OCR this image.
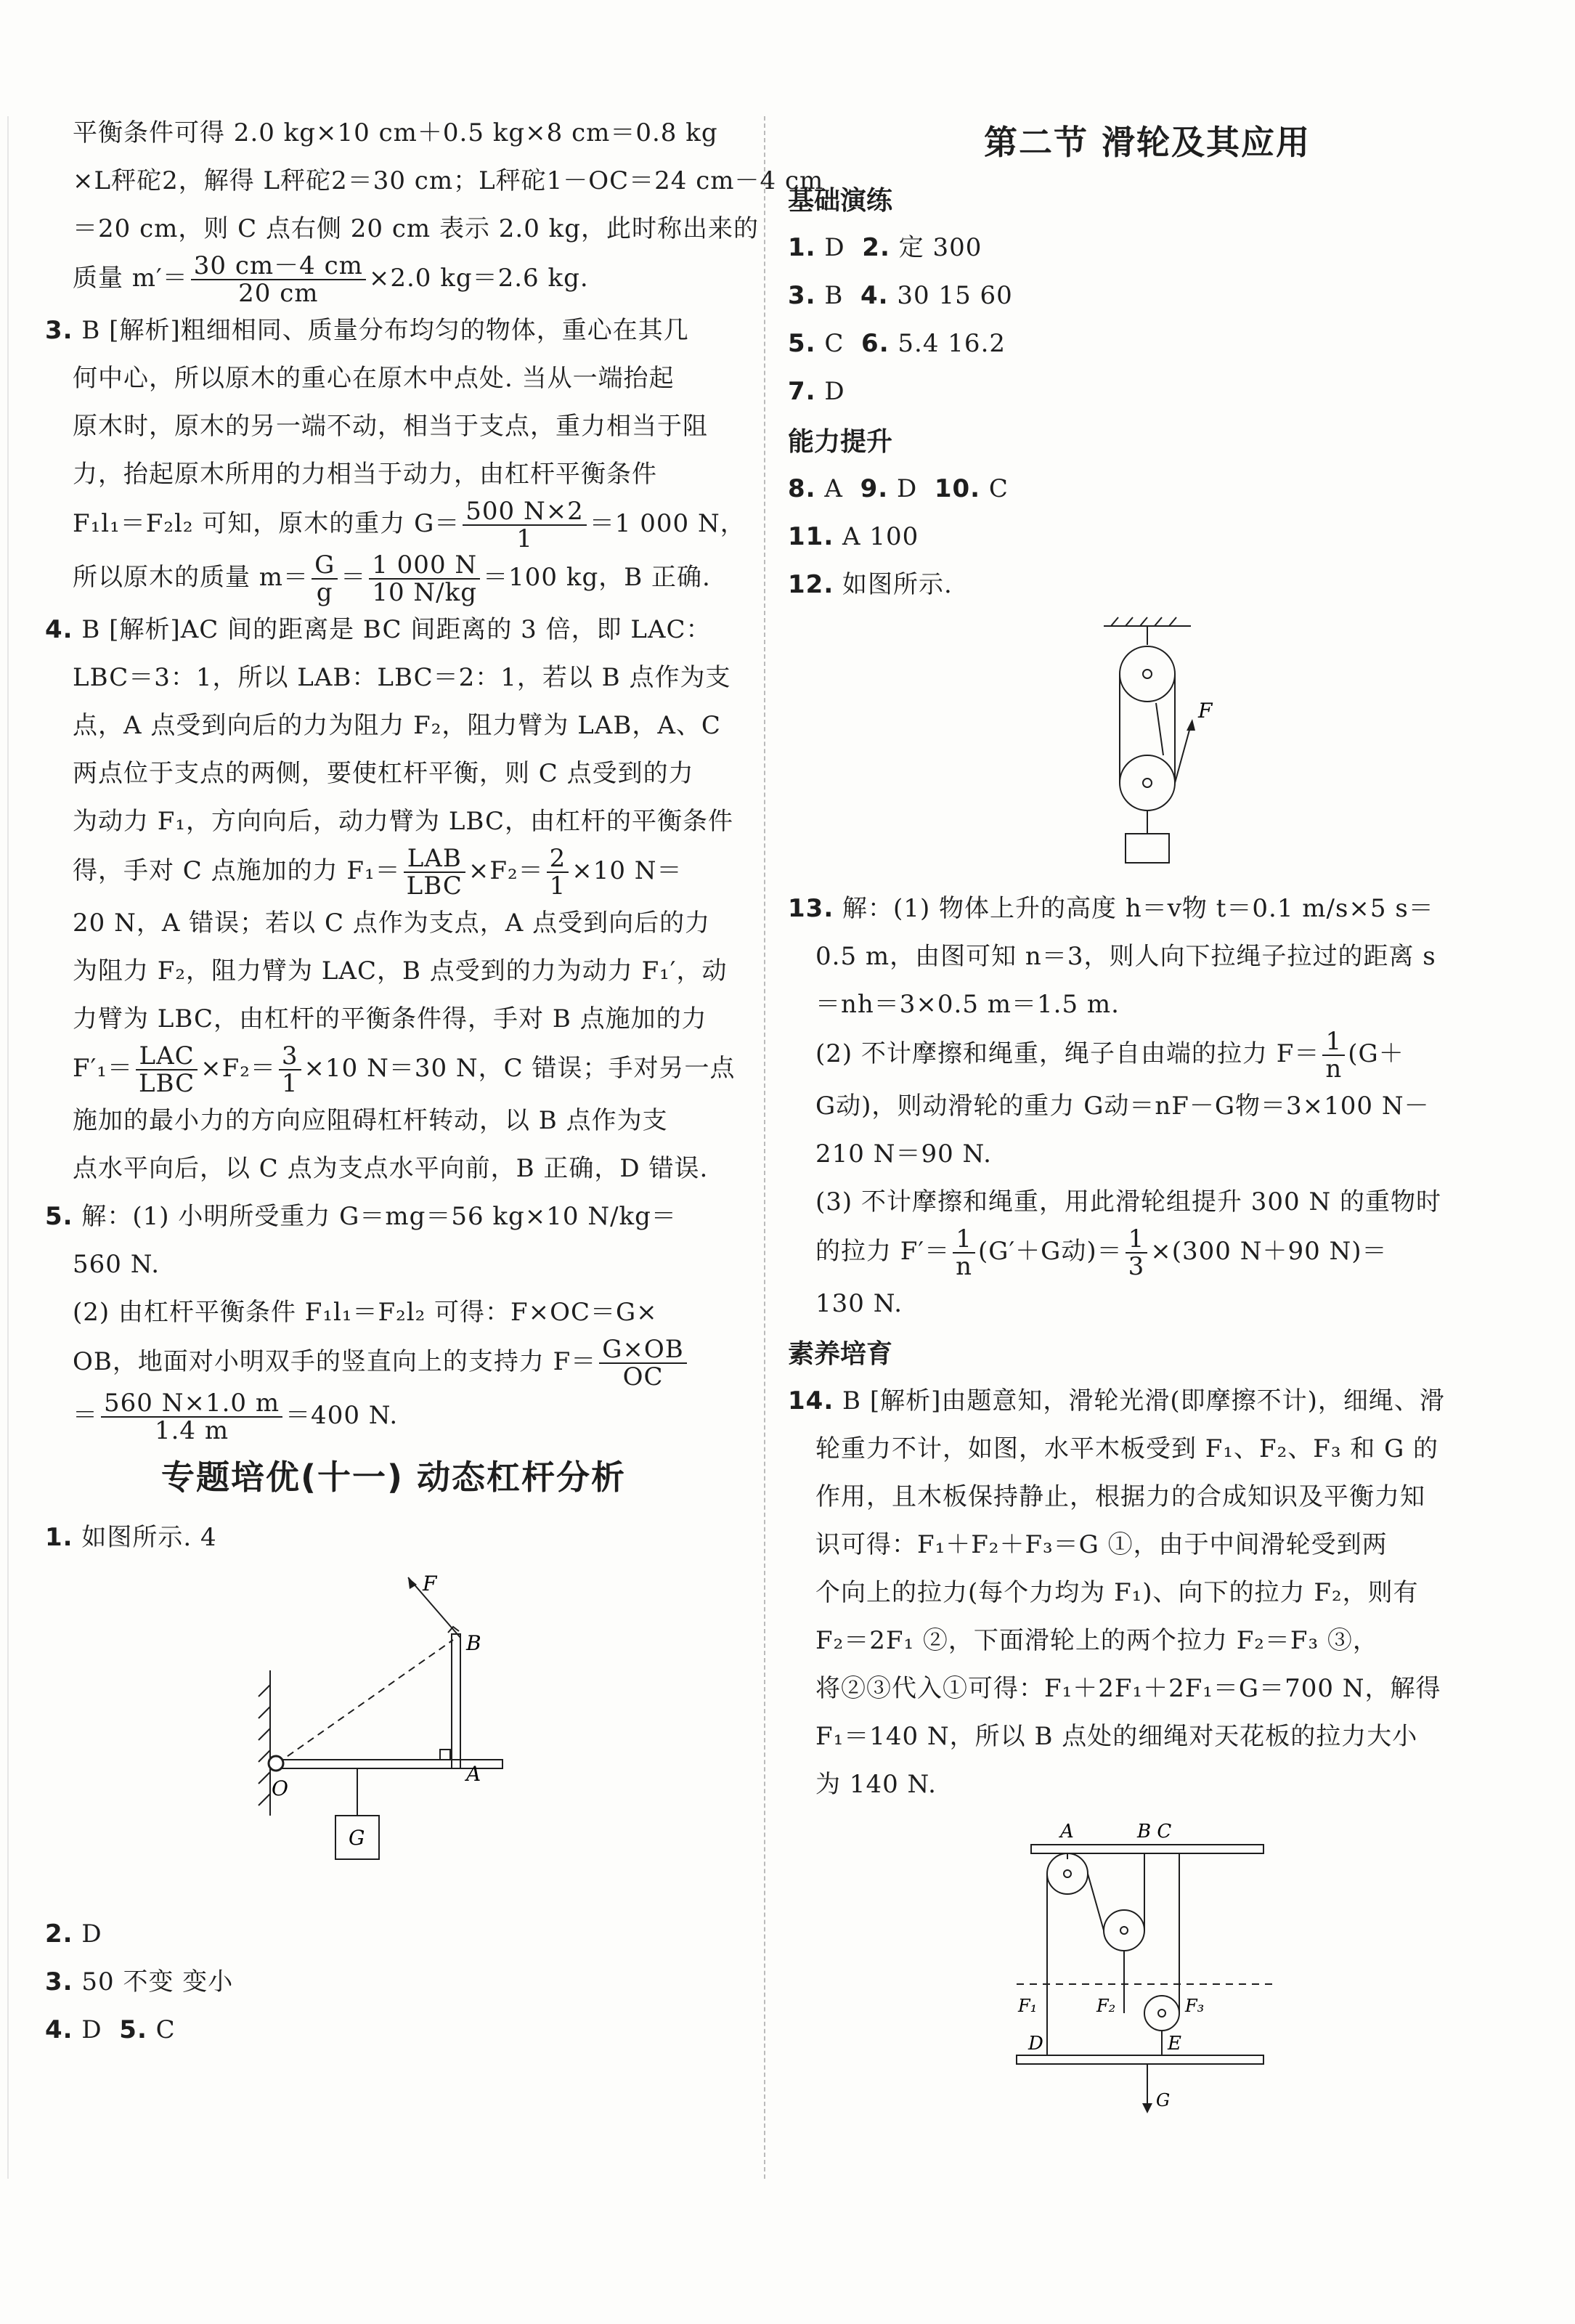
平衡条件可得 2.0 kg×10 cm＋0.5 kg×8 cm＝0.8 kg

×L秤砣2，解得 L秤砣2＝30 cm；L秤砣1－OC＝24 cm－4 cm

＝20 cm，则 C 点右侧 20 cm 表示 2.0 kg，此时称出来的

质量 $m'= \frac{30 cm-4 cm}{20 cm} \times 2.0$ kg＝2.6 kg.

3. B [解析]粗细相同、质量分布均匀的物体，重心在其几

何中心，所以原木的重心在原木中点处. 当从一端抬起

原木时，原木的另一端不动，相当于支点，重力相当于阻

力，抬起原木所用的力相当于动力，由杠杆平衡条件

F₁l₁＝F₂l₂ 可知，原木的重力 $G= \frac{500 N\times 2}{1} =1$ 000 N，

所以原木的质量 $m= \frac{G}{g} = \frac{1 000 N}{10 N/kg} =100$ kg，B 正确.

4. B [解析]AC 间的距离是 BC 间距离的 3 倍，即 LAC：

LBC＝3：1，所以 LAB：LBC＝2：1，若以 B 点作为支

点，A 点受到向后的力为阻力 F₂，阻力臂为 LAB，A、C

两点位于支点的两侧，要使杠杆平衡，则 C 点受到的力

为动力 F₁，方向向后，动力臂为 LBC，由杠杆的平衡条件

得，手对 C 点施加的力 $F_1= \frac{\text{LAB}}{\text{LBC}} \times F_2= \frac{2}{1} \times 10$ N＝

20 N，A 错误；若以 C 点作为支点，A 点受到向后的力

为阻力 F₂，阻力臂为 LAC，B 点受到的力为动力 F₁′，动

力臂为 LBC，由杠杆的平衡条件得，手对 B 点施加的力

$F'_1= \frac{\text{LAC}}{\text{LBC}} \times F_2= \frac{3}{1} \times 10$ N＝30 N，C 错误；手对另一点

施加的最小力的方向应阻碍杠杆转动，以 B 点作为支

点水平向后，以 C 点为支点水平向前，B 正确，D 错误.

5. 解：(1) 小明所受重力 G＝mg＝56 kg×10 N/kg＝

560 N.

(2) 由杠杆平衡条件 F₁l₁＝F₂l₂ 可得：F×OC＝G×

OB，地面对小明双手的竖直向上的支持力 $F= \frac{G\times OB}{OC}$

＝ $\frac{560 N\times 1.0 m}{1.4 m} =400$ N.

专题培优(十一) 动态杠杆分析

1. 如图所示. 4

F
B
A
O
G

2. D

3. 50 不变 变小

4. D 5. C

第二节 滑轮及其应用
基础演练

1. D 2. 定 300

3. B 4. 30 15 60

5. C 6. 5.4 16.2

7. D

能力提升

8. A 9. D 10. C

11. A 100

12. 如图所示.

F

13. 解：(1) 物体上升的高度 h＝v物 t＝0.1 m/s×5 s＝

0.5 m，由图可知 n＝3，则人向下拉绳子拉过的距离 s

＝nh＝3×0.5 m＝1.5 m.

(2) 不计摩擦和绳重，绳子自由端的拉力 $F= \frac{1}{n} (G+$

G动)，则动滑轮的重力 G动＝nF－G物＝3×100 N－

210 N＝90 N.

(3) 不计摩擦和绳重，用此滑轮组提升 300 N 的重物时

的拉力 $F'= \frac{1}{n} (G'+G$动)＝ $\frac{1}{3} \times(300$ N＋90 N)＝

130 N.

素养培育

14. B [解析]由题意知，滑轮光滑(即摩擦不计)，细绳、滑

轮重力不计，如图，水平木板受到 F₁、F₂、F₃ 和 G 的

作用，且木板保持静止，根据力的合成知识及平衡力知

识可得：F₁＋F₂＋F₃＝G ①，由于中间滑轮受到两

个向上的拉力(每个力均为 F₁)、向下的拉力 F₂，则有

F₂＝2F₁ ②，下面滑轮上的两个拉力 F₂＝F₃ ③，

将②③代入①可得：F₁＋2F₁＋2F₁＝G＝700 N，解得

F₁＝140 N，所以 B 点处的细绳对天花板的拉力大小

为 140 N.

A	B C
F₁	F₂	F₃
D	E
G
